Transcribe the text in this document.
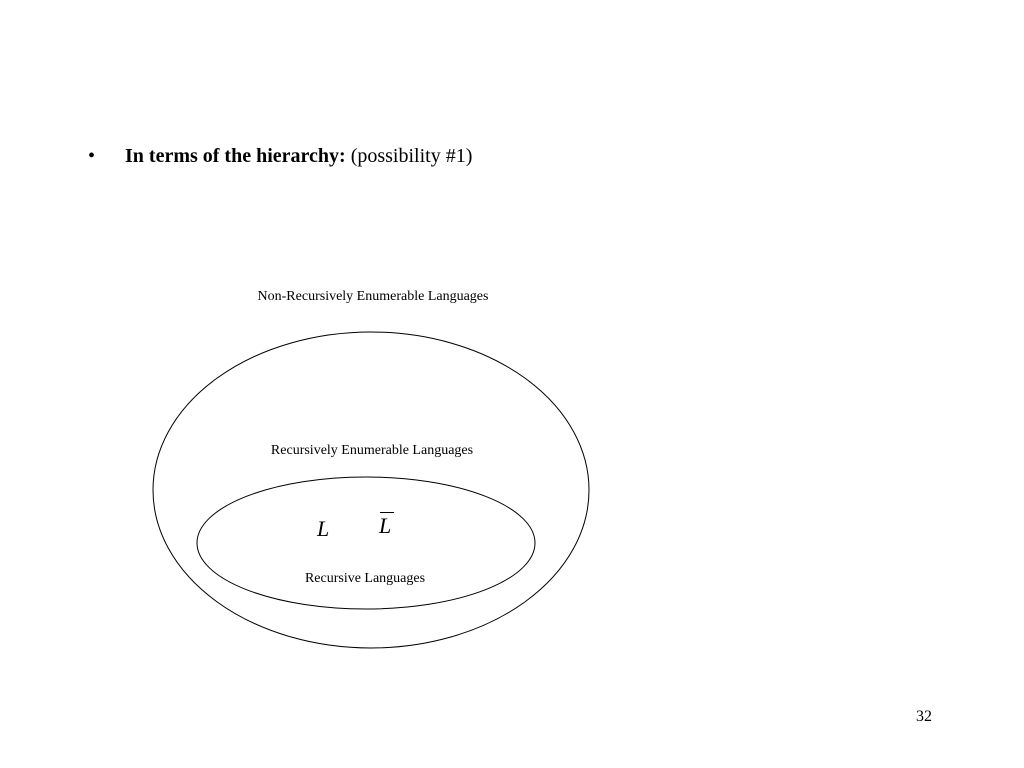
• In terms of the hierarchy: (possibility #1)
Non-Recursively Enumerable Languages
Recursively Enumerable Languages
Recursive Languages
L L
32
